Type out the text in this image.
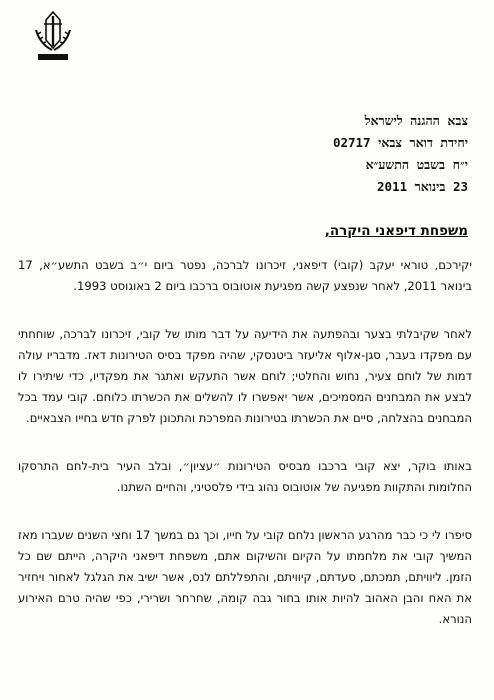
צבא ההגנה לישראל
יחידת דואר צבאי 02717
י״ח בשבט התשע״א
23 בינואר 2011
משפחת דיפאני היקרה,

יקירכם, טוראי יעקב (קובי) דיפאני, זיכרונו לברכה, נפטר ביום י״ב בשבט התשע״א, 17 בינואר 2011, לאחר שנפצע קשה מפגיעת אוטובוס ברכבו ביום 2 באוגוסט 1993.

לאחר שקיבלתי בצער ובהפתעה את הידיעה על דבר מותו של קובי, זיכרונו לברכה, שוחחתי עם מפקדו בעבר, סגן-אלוף אליעזר ביטנסקי, שהיה מפקד בסיס הטירונות דאז. מדבריו עולה דמות של לוחם צעיר, נחוש והחלטי; לוחם אשר התעקש ואתגר את מפקדיו, כדי שיתירו לו לבצע את המבחנים המסמיכים, אשר יאפשרו לו להשלים את הכשרתו כלוחם. קובי עמד בכל המבחנים בהצלחה, סיים את הכשרתו בטירונות המפרכת והתכונן לפרק חדש בחייו הצבאיים.

באותו בוקר, יצא קובי ברכבו מבסיס הטירונות ״עציון״, ובלב העיר בית-לחם התרסקו החלומות והתקוות מפגיעה של אוטובוס נהוג בידי פלסטיני, והחיים השתנו.

סיפרו לי כי כבר מהרגע הראשון נלחם קובי על חייו, וכך גם במשך 17 וחצי השנים שעברו מאז המשיך קובי את מלחמתו על הקיום והשיקום אתם, משפחת דיפאני היקרה, הייתם שם כל הזמן. ליוויתם, תמכתם, סעדתם, קיוויתם, והתפללתם לנס, אשר ישיב את הגלגל לאחור ויחזיר את האח והבן האהוב להיות אותו בחור גבה קומה, שחרחר ושרירי, כפי שהיה טרם האירוע הנורא.
